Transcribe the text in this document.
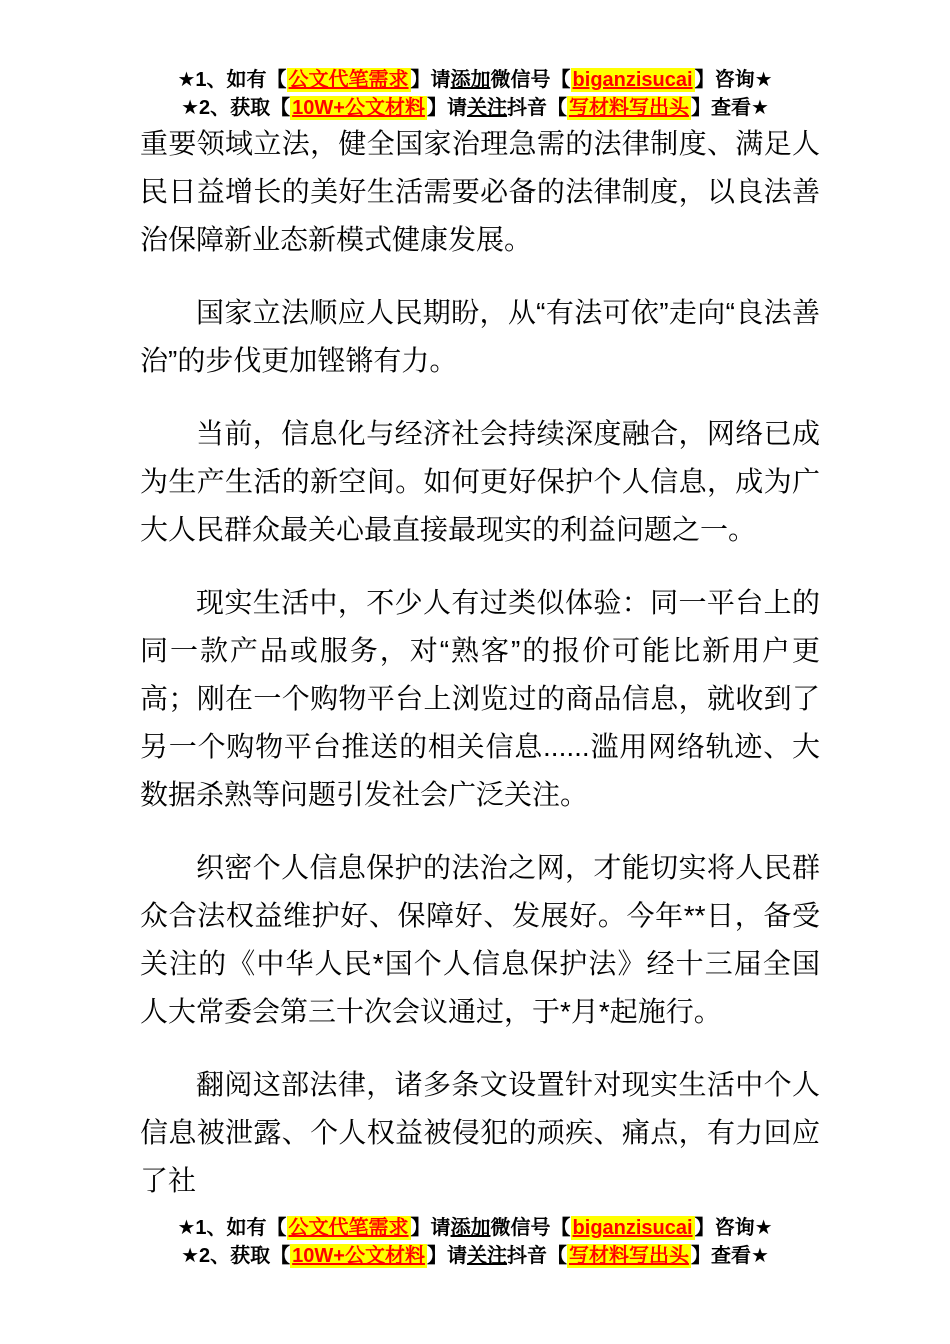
★1、如有【 公文代笔需求 】请添加微信号【 biganzisucai 】咨询★
★2、获取【 10W+公文材料 】请关注抖音【 写材料写出头 】查看★

重要领域立法，健全国家治理急需的法律制度、满足人民日益增长的美好生活需要必备的法律制度，以良法善治保障新业态新模式健康发展。

国家立法顺应人民期盼，从“有法可依”走向“良法善治”的步伐更加铿锵有力。

当前，信息化与经济社会持续深度融合，网络已成为生产生活的新空间。如何更好保护个人信息，成为广大人民群众最关心最直接最现实的利益问题之一。

现实生活中，不少人有过类似体验：同一平台上的同一款产品或服务，对“熟客”的报价可能比新用户更高；刚在一个购物平台上浏览过的商品信息，就收到了另一个购物平台推送的相关信息......滥用网络轨迹、大数据杀熟等问题引发社会广泛关注。

织密个人信息保护的法治之网，才能切实将人民群众合法权益维护好、保障好、发展好。今年**日，备受关注的《中华人民*国个人信息保护法》经十三届全国人大常委会第三十次会议通过，于*月*起施行。

翻阅这部法律，诸多条文设置针对现实生活中个人信息被泄露、个人权益被侵犯的顽疾、痛点，有力回应了社

★1、如有【 公文代笔需求 】请添加微信号【 biganzisucai 】咨询★
★2、获取【 10W+公文材料 】请关注抖音【 写材料写出头 】查看★
